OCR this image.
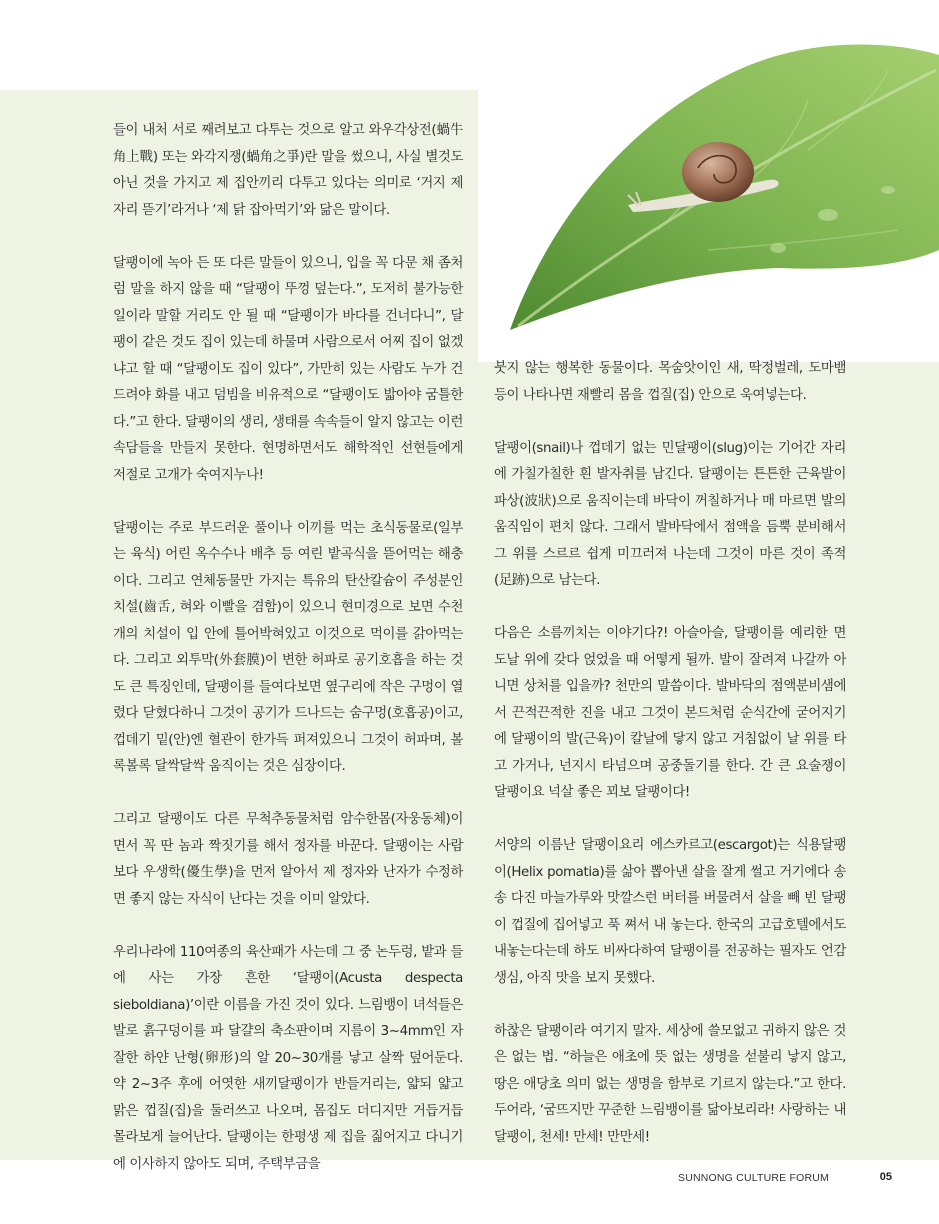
들이 내처 서로 째려보고 다투는 것으로 알고 와우각상전(蝸牛角上戰) 또는 와각지쟁(蝸角之爭)란 말을 썼으니, 사실 별것도 아닌 것을 가지고 제 집안끼리 다투고 있다는 의미로 ‘거지 제 자리 뜯기’라거나 ‘제 닭 잡아먹기’와 닮은 말이다.

달팽이에 녹아 든 또 다른 말들이 있으니, 입을 꼭 다문 채 좀처럼 말을 하지 않을 때 “달팽이 뚜껑 덮는다.”, 도저히 불가능한 일이라 말할 거리도 안 될 때 “달팽이가 바다를 건너다니”, 달팽이 같은 것도 집이 있는데 하물며 사람으로서 어찌 집이 없겠냐고 할 때 “달팽이도 집이 있다”, 가만히 있는 사람도 누가 건드려야 화를 내고 덤빔을 비유적으로 “달팽이도 밟아야 굼틀한다.”고 한다. 달팽이의 생리, 생태를 속속들이 알지 않고는 이런 속담들을 만들지 못한다. 현명하면서도 해학적인 선현들에게 저절로 고개가 숙여지누나!

달팽이는 주로 부드러운 풀이나 이끼를 먹는 초식동물로(일부는 육식) 어린 옥수수나 배추 등 여린 밭곡식을 뜯어먹는 해충이다. 그리고 연체동물만 가지는 특유의 탄산칼슘이 주성분인 치설(齒舌, 혀와 이빨을 겸함)이 있으니 현미경으로 보면 수천 개의 치설이 입 안에 틀어박혀있고 이것으로 먹이를 갉아먹는다. 그리고 외투막(外套膜)이 변한 허파로 공기호흡을 하는 것도 큰 특징인데, 달팽이를 들여다보면 옆구리에 작은 구멍이 열렸다 닫혔다하니 그것이 공기가 드나드는 숨구멍(호흡공)이고, 껍데기 밑(안)엔 혈관이 한가득 퍼져있으니 그것이 허파며, 볼록볼록 달싹달싹 움직이는 것은 심장이다.

그리고 달팽이도 다른 무척추동물처럼 암수한몸(자웅동체)이면서 꼭 딴 놈과 짝짓기를 해서 정자를 바꾼다. 달팽이는 사람보다 우생학(優生學)을 먼저 알아서 제 정자와 난자가 수정하면 좋지 않는 자식이 난다는 것을 이미 알았다.

우리나라에 110여종의 육산패가 사는데 그 중 논두렁, 밭과 들에 사는 가장 흔한 ‘달팽이(Acusta despecta sieboldiana)’이란 이름을 가진 것이 있다. 느림뱅이 녀석들은 발로 흙구덩이를 파 달걀의 축소판이며 지름이 3~4mm인 자잘한 하얀 난형(卵形)의 알 20~30개를 낳고 살짝 덮어둔다. 약 2~3주 후에 어엿한 새끼달팽이가 반들거리는, 얇되 얇고 맑은 껍질(집)을 둘러쓰고 나오며, 몸집도 더디지만 거듭거듭 몰라보게 늘어난다. 달팽이는 한평생 제 집을 짊어지고 다니기에 이사하지 않아도 되며, 주택부금을

붓지 않는 행복한 동물이다. 목숨앗이인 새, 딱정벌레, 도마뱀 등이 나타나면 재빨리 몸을 껍질(집) 안으로 욱여넣는다.

달팽이(snail)나 껍데기 없는 민달팽이(slug)이는 기어간 자리에 가칠가칠한 흰 발자취를 남긴다. 달팽이는 튼튼한 근육발이 파상(波狀)으로 움직이는데 바닥이 꺼칠하거나 매 마르면 발의 움직임이 편치 않다. 그래서 발바닥에서 점액을 듬뿍 분비해서 그 위를 스르르 쉽게 미끄러져 나는데 그것이 마른 것이 족적(足跡)으로 남는다.

다음은 소름끼치는 이야기다?! 아슬아슬, 달팽이를 예리한 면도날 위에 갖다 얹었을 때 어떻게 될까. 발이 잘려져 나갈까 아니면 상처를 입을까? 천만의 말씀이다. 발바닥의 점액분비샘에서 끈적끈적한 진을 내고 그것이 본드처럼 순식간에 굳어지기에 달팽이의 발(근육)이 칼날에 닿지 않고 거침없이 날 위를 타고 가거나, 넌지시 타넘으며 공중돌기를 한다. 간 큰 요술쟁이 달팽이요 넉살 좋은 꾀보 달팽이다!

서양의 이름난 달팽이요리 에스카르고(escargot)는 식용달팽이(Helix pomatia)를 삶아 뽑아낸 살을 잘게 썰고 거기에다 송송 다진 마늘가루와 맛깔스런 버터를 버물려서 살을 빼 빈 달팽이 껍질에 집어넣고 푹 쪄서 내 놓는다. 한국의 고급호텔에서도 내놓는다는데 하도 비싸다하여 달팽이를 전공하는 필자도 언감생심, 아직 맛을 보지 못했다.

하찮은 달팽이라 여기지 말자. 세상에 쓸모없고 귀하지 않은 것은 없는 법. “하늘은 애초에 뜻 없는 생명을 섣불리 낳지 않고, 땅은 애당초 의미 없는 생명을 함부로 기르지 않는다.”고 한다. 두어라, ‘굼뜨지만 꾸준한 느림뱅이를 닮아보리라! 사랑하는 내 달팽이, 천세! 만세! 만만세!

SUNNONG CULTURE FORUM	05
